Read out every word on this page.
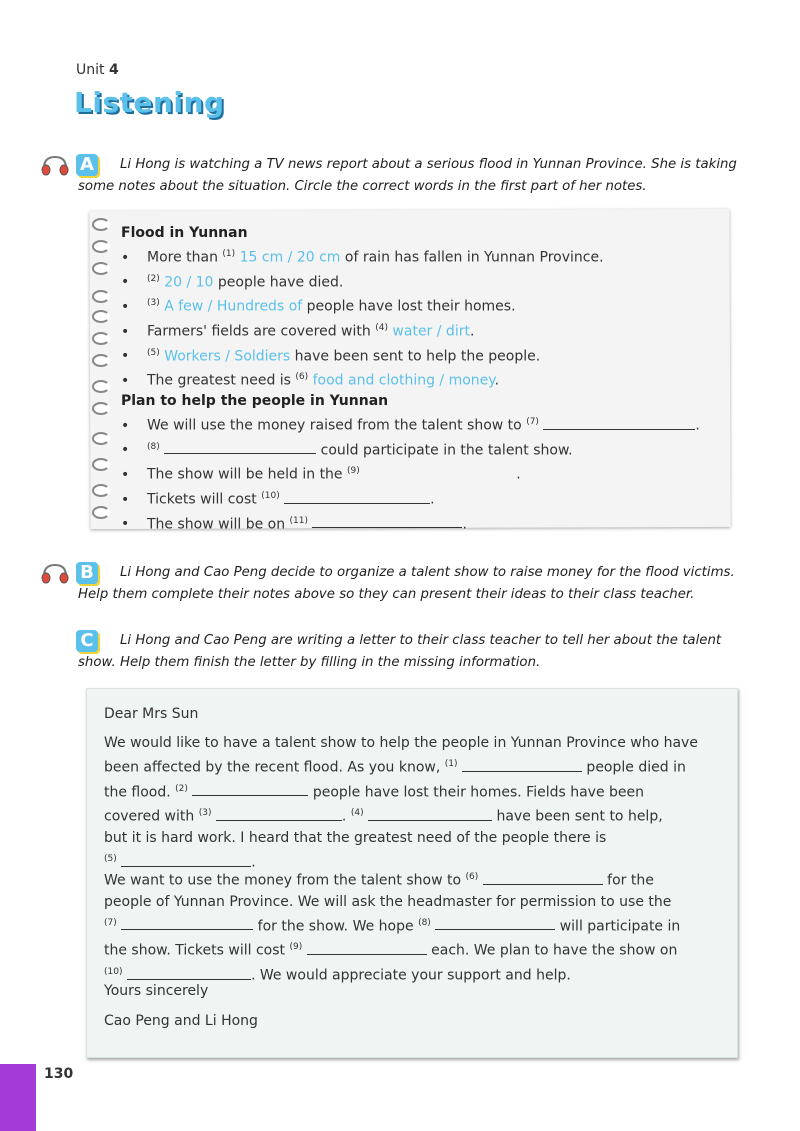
Unit 4
Listening
A	Li Hong is watching a TV news report about a serious flood in Yunnan Province. She is taking
some notes about the situation. Circle the correct words in the first part of her notes.
Flood in Yunnan
• More than $^{(1)}$ 15 cm / 20 cm of rain has fallen in Yunnan Province.
• $^{(2)}$ 20 / 10 people have died.
• $^{(3)}$ A few / Hundreds of people have lost their homes.
• Farmers' fields are covered with $^{(4)}$ water / dirt.
• $^{(5)}$ Workers / Soldiers have been sent to help the people.
• The greatest need is $^{(6)}$ food and clothing / money.
Plan to help the people in Yunnan
• We will use the money raised from the talent show to $^{(7)}$	.
• $^{(8)}$	could participate in the talent show.
• The show will be held in the $^{(9)}$	.
• Tickets will cost $^{(10)}$	.
• The show will be on $^{(11)}$	.
B	Li Hong and Cao Peng decide to organize a talent show to raise money for the flood victims.
Help them complete their notes above so they can present their ideas to their class teacher.
C	Li Hong and Cao Peng are writing a letter to their class teacher to tell her about the talent
show. Help them finish the letter by filling in the missing information.
Dear Mrs Sun
We would like to have a talent show to help the people in Yunnan Province who have
been affected by the recent flood. As you know, $^{(1)}$	people died in
the flood. $^{(2)}$	people have lost their homes. Fields have been
covered with $^{(3)}$	. $^{(4)}$	have been sent to help,
but it is hard work. I heard that the greatest need of the people there is
$^{(5)}$	.
We want to use the money from the talent show to $^{(6)}$	for the
people of Yunnan Province. We will ask the headmaster for permission to use the
$^{(7)}$	for the show. We hope $^{(8)}$	will participate in
the show. Tickets will cost $^{(9)}$	each. We plan to have the show on
$^{(10)}$	. We would appreciate your support and help.
Yours sincerely
Cao Peng and Li Hong
130
